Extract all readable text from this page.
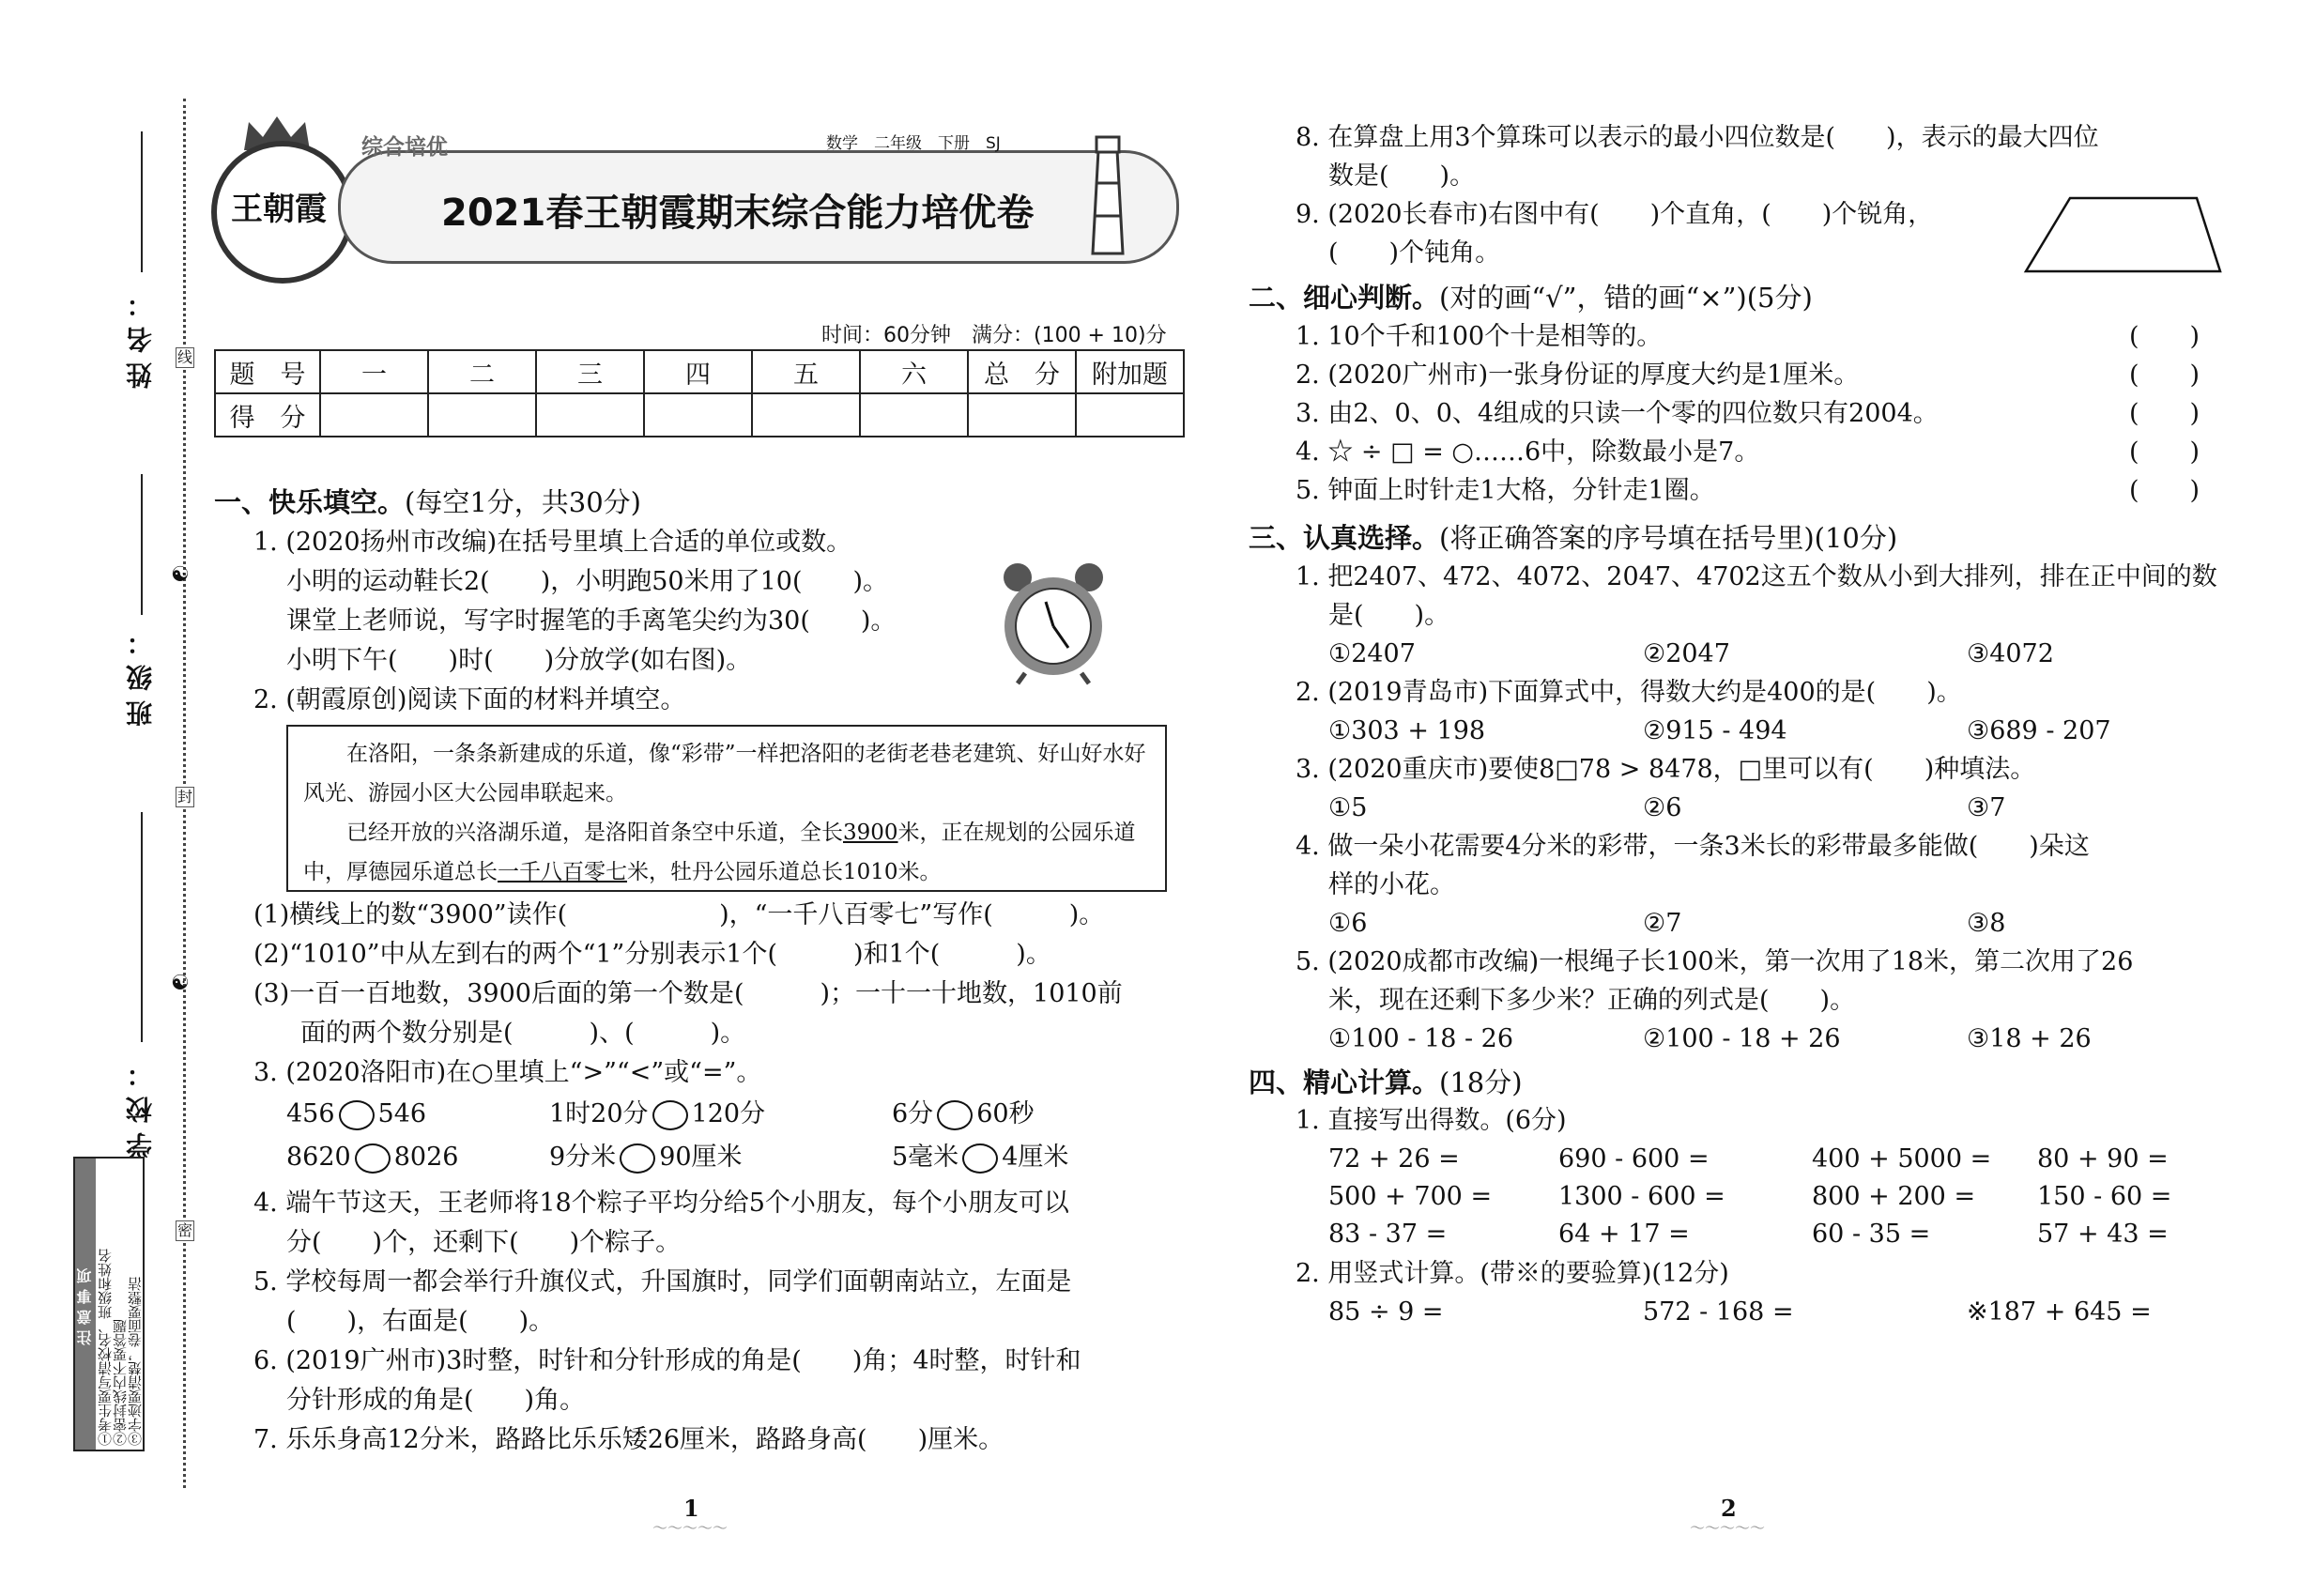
线
封
密
☯
☯
姓名：
班级：
学校：
注意事项 ①考生要写清校名、班级和姓名
②密封线内不要答题
③字迹要清楚，卷面要整洁
王朝霞
综合培优	数学　二年级　下册　SJ
2021春王朝霞期末综合能力培优卷
时间：60分钟　满分：(100 + 10)分
题　号	一	二	三	四	五	六	总　分	附加题
得　分								
一、快乐填空。(每空1分，共30分)
1. (2020扬州市改编)在括号里填上合适的单位或数。
小明的运动鞋长2(　　)，小明跑50米用了10(　　)。
课堂上老师说，写字时握笔的手离笔尖约为30(　　)。
小明下午(　　)时(　　)分放学(如右图)。
2. (朝霞原创)阅读下面的材料并填空。
在洛阳，一条条新建成的乐道，像“彩带”一样把洛阳的老街老巷老建筑、好山好水好风光、游园小区大公园串联起来。
已经开放的兴洛湖乐道，是洛阳首条空中乐道，全长3900米，正在规划的公园乐道中，厚德园乐道总长一千八百零七米，牡丹公园乐道总长1010米。
(1)横线上的数“3900”读作(　　　　　　)，“一千八百零七”写作(　　　)。
(2)“1010”中从左到右的两个“1”分别表示1个(　　　)和1个(　　　)。
(3)一百一百地数，3900后面的第一个数是(　　　)；一十一十地数，1010前
面的两个数分别是(　　　)、(　　　)。
3. (2020洛阳市)在○里填上“>”“<”或“=”。
456 546	1时20分 120分	6分 60秒
8620 8026	9分米 90厘米	5毫米 4厘米
4. 端午节这天，王老师将18个粽子平均分给5个小朋友，每个小朋友可以
分(　　)个，还剩下(　　)个粽子。
5. 学校每周一都会举行升旗仪式，升国旗时，同学们面朝南站立，左面是
(　　)，右面是(　　)。
6. (2019广州市)3时整，时针和分针形成的角是(　　)角；4时整，时针和
分针形成的角是(　　)角。
7. 乐乐身高12分米，路路比乐乐矮26厘米，路路身高(　　)厘米。
1
～～～～～
8. 在算盘上用3个算珠可以表示的最小四位数是(　　)，表示的最大四位
数是(　　)。
9. (2020长春市)右图中有(　　)个直角，(　　)个锐角，
(　　)个钝角。
二、细心判断。(对的画“√”，错的画“×”)(5分)
1. 10个千和100个十是相等的。	(　　)
2. (2020广州市)一张身份证的厚度大约是1厘米。	(　　)
3. 由2、0、0、4组成的只读一个零的四位数只有2004。	(　　)
4. ☆ ÷ □ = ○……6中，除数最小是7。	(　　)
5. 钟面上时针走1大格，分针走1圈。	(　　)
三、认真选择。(将正确答案的序号填在括号里)(10分)
1. 把2407、472、4072、2047、4702这五个数从小到大排列，排在正中间的数
是(　　)。
①2407	②2047	③4072
2. (2019青岛市)下面算式中，得数大约是400的是(　　)。
①303 + 198	②915 - 494	③689 - 207
3. (2020重庆市)要使8□78 > 8478，□里可以有(　　)种填法。
①5	②6	③7
4. 做一朵小花需要4分米的彩带，一条3米长的彩带最多能做(　　)朵这
样的小花。
①6	②7	③8
5. (2020成都市改编)一根绳子长100米，第一次用了18米，第二次用了26
米，现在还剩下多少米？正确的列式是(　　)。
①100 - 18 - 26	②100 - 18 + 26	③18 + 26
四、精心计算。(18分)
1. 直接写出得数。(6分)
72 + 26 =	690 - 600 =	400 + 5000 = 80 + 90 =
500 + 700 =	1300 - 600 =	800 + 200 = 150 - 60 =
83 - 37 =	64 + 17 =	60 - 35 =	57 + 43 =
2. 用竖式计算。(带※的要验算)(12分)
85 ÷ 9 =	572 - 168 =	※187 + 645 =
2
～～～～～
